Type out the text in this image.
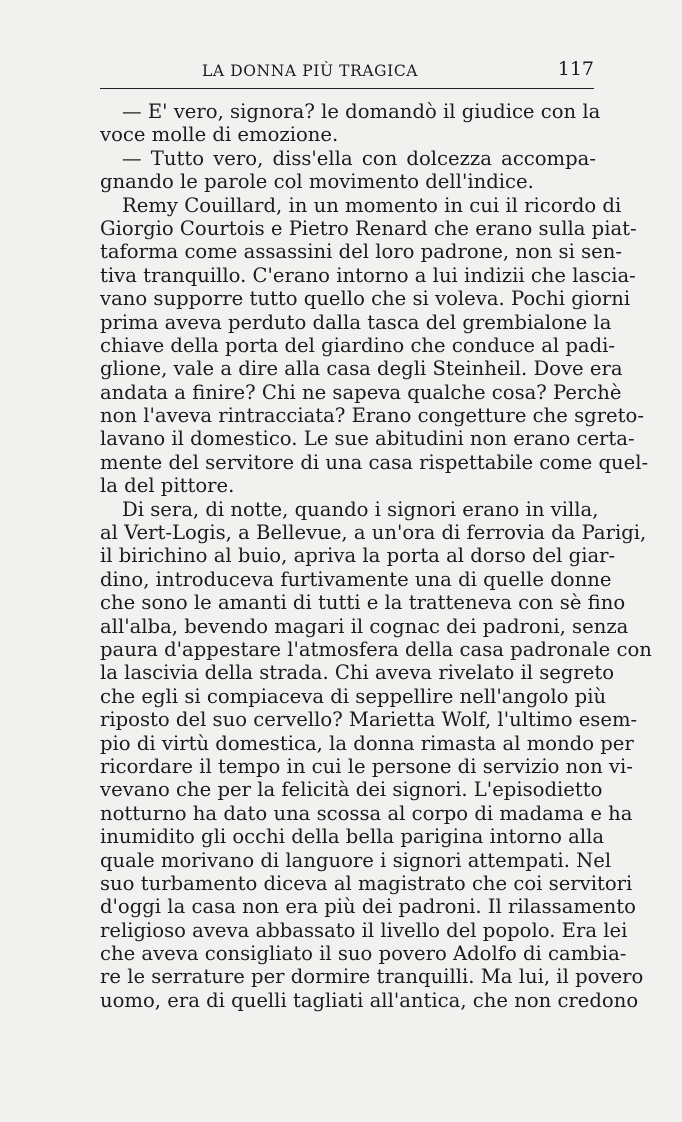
LA DONNA PIÙ TRAGICA	117
— E' vero, signora? le domandò il giudice con la
voce molle di emozione.
— Tutto vero, diss'ella con dolcezza accompa-
gnando le parole col movimento dell'indice.
Remy Couillard, in un momento in cui il ricordo di
Giorgio Courtois e Pietro Renard che erano sulla piat-
taforma come assassini del loro padrone, non si sen-
tiva tranquillo. C'erano intorno a lui indizii che lascia-
vano supporre tutto quello che si voleva. Pochi giorni
prima aveva perduto dalla tasca del grembialone la
chiave della porta del giardino che conduce al padi-
glione, vale a dire alla casa degli Steinheil. Dove era
andata a finire? Chi ne sapeva qualche cosa? Perchè
non l'aveva rintracciata? Erano congetture che sgreto-
lavano il domestico. Le sue abitudini non erano certa-
mente del servitore di una casa rispettabile come quel-
la del pittore.
Di sera, di notte, quando i signori erano in villa,
al Vert-Logis, a Bellevue, a un'ora di ferrovia da Parigi,
il birichino al buio, apriva la porta al dorso del giar-
dino, introduceva furtivamente una di quelle donne
che sono le amanti di tutti e la tratteneva con sè fino
all'alba, bevendo magari il cognac dei padroni, senza
paura d'appestare l'atmosfera della casa padronale con
la lascivia della strada. Chi aveva rivelato il segreto
che egli si compiaceva di seppellire nell'angolo più
riposto del suo cervello? Marietta Wolf, l'ultimo esem-
pio di virtù domestica, la donna rimasta al mondo per
ricordare il tempo in cui le persone di servizio non vi-
vevano che per la felicità dei signori. L'episodietto
notturno ha dato una scossa al corpo di madama e ha
inumidito gli occhi della bella parigina intorno alla
quale morivano di languore i signori attempati. Nel
suo turbamento diceva al magistrato che coi servitori
d'oggi la casa non era più dei padroni. Il rilassamento
religioso aveva abbassato il livello del popolo. Era lei
che aveva consigliato il suo povero Adolfo di cambia-
re le serrature per dormire tranquilli. Ma lui, il povero
uomo, era di quelli tagliati all'antica, che non credono
